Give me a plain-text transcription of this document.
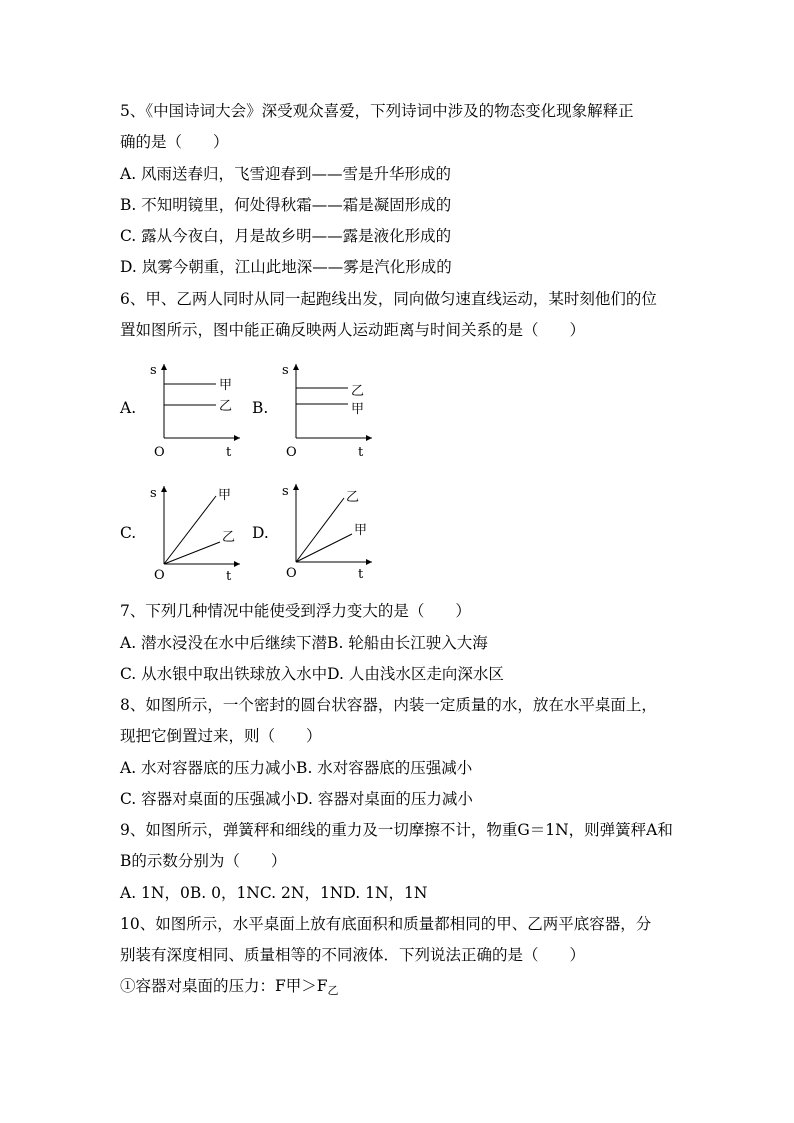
5、《中国诗词大会》深受观众喜爱，下列诗词中涉及的物态变化现象解释正
确的是（　　）
A. 风雨送春归，飞雪迎春到——雪是升华形成的
B. 不知明镜里，何处得秋霜——霜是凝固形成的
C. 露从今夜白，月是故乡明——露是液化形成的
D. 岚雾今朝重，江山此地深——雾是汽化形成的
6、甲、乙两人同时从同一起跑线出发，同向做匀速直线运动，某时刻他们的位
置如图所示，图中能正确反映两人运动距离与时间关系的是（　　）
A.
s
t
O
甲
乙 B.
s
t
O
乙
甲
C.
s
t
O
甲
乙 D.
s
t
O
乙
甲
7、下列几种情况中能使受到浮力变大的是（　　）
A. 潜水浸没在水中后继续下潜B. 轮船由长江驶入大海
C. 从水银中取出铁球放入水中D. 人由浅水区走向深水区
8、如图所示，一个密封的圆台状容器，内装一定质量的水，放在水平桌面上，
现把它倒置过来，则（　　）
A. 水对容器底的压力减小B. 水对容器底的压强减小
C. 容器对桌面的压强减小D. 容器对桌面的压力减小
9、如图所示，弹簧秤和细线的重力及一切摩擦不计，物重G＝1N，则弹簧秤A和
B的示数分别为（　　）
A. 1N，0B. 0，1NC. 2N，1ND. 1N，1N
10、如图所示，水平桌面上放有底面积和质量都相同的甲、乙两平底容器，分
别装有深度相同、质量相等的不同液体．下列说法正确的是（　　）
①容器对桌面的压力：F甲$>F_乙$
